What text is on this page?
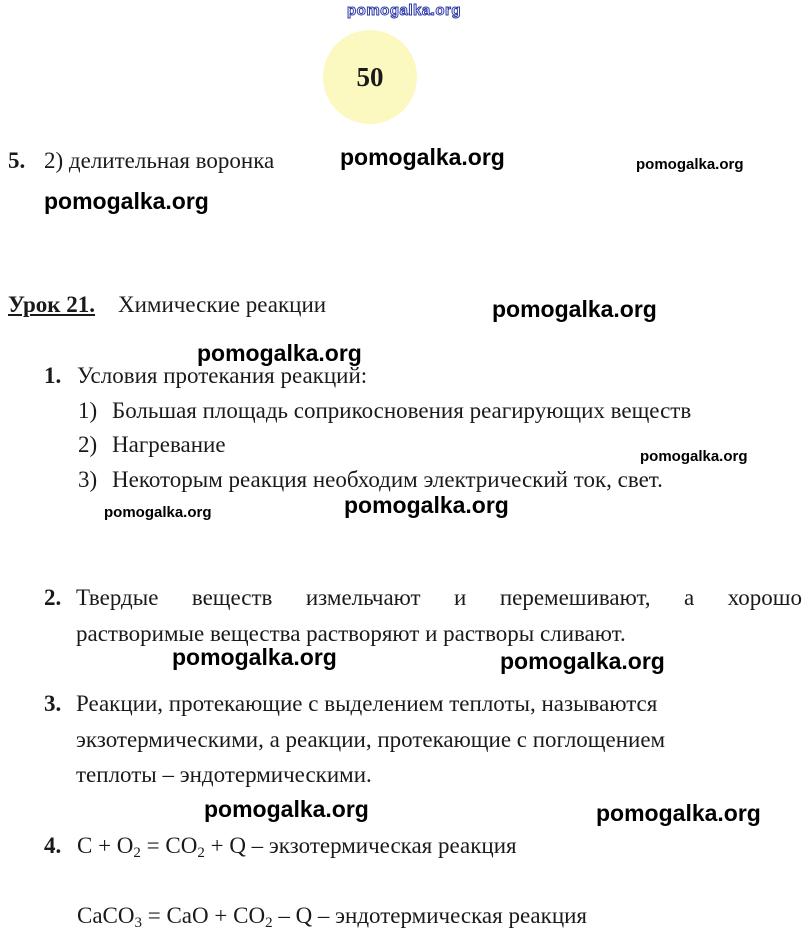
pomogalka.org
50
5. 2) делительная воронка
Урок 21. Химические реакции
1. Условия протекания реакций:
1) Большая площадь соприкосновения реагирующих веществ
2) Нагревание
3) Некоторым реакция необходим электрический ток, свет.
2. Твердые веществ измельчают и перемешивают, а хорошо
растворимые вещества растворяют и растворы сливают.
3. Реакции, протекающие с выделением теплоты, называются
экзотермическими, а реакции, протекающие с поглощением
теплоты – эндотермическими.
4. $C + O_2 = CO_2 + Q$ – экзотермическая реакция
CaCO$_3$ = CaO + $CO_2$ – Q – эндотермическая реакция
pomogalka.org	pomogalka.org
pomogalka.org
pomogalka.org
pomogalka.org
pomogalka.org
pomogalka.org
pomogalka.org
pomogalka.org	pomogalka.org
pomogalka.org	pomogalka.org
